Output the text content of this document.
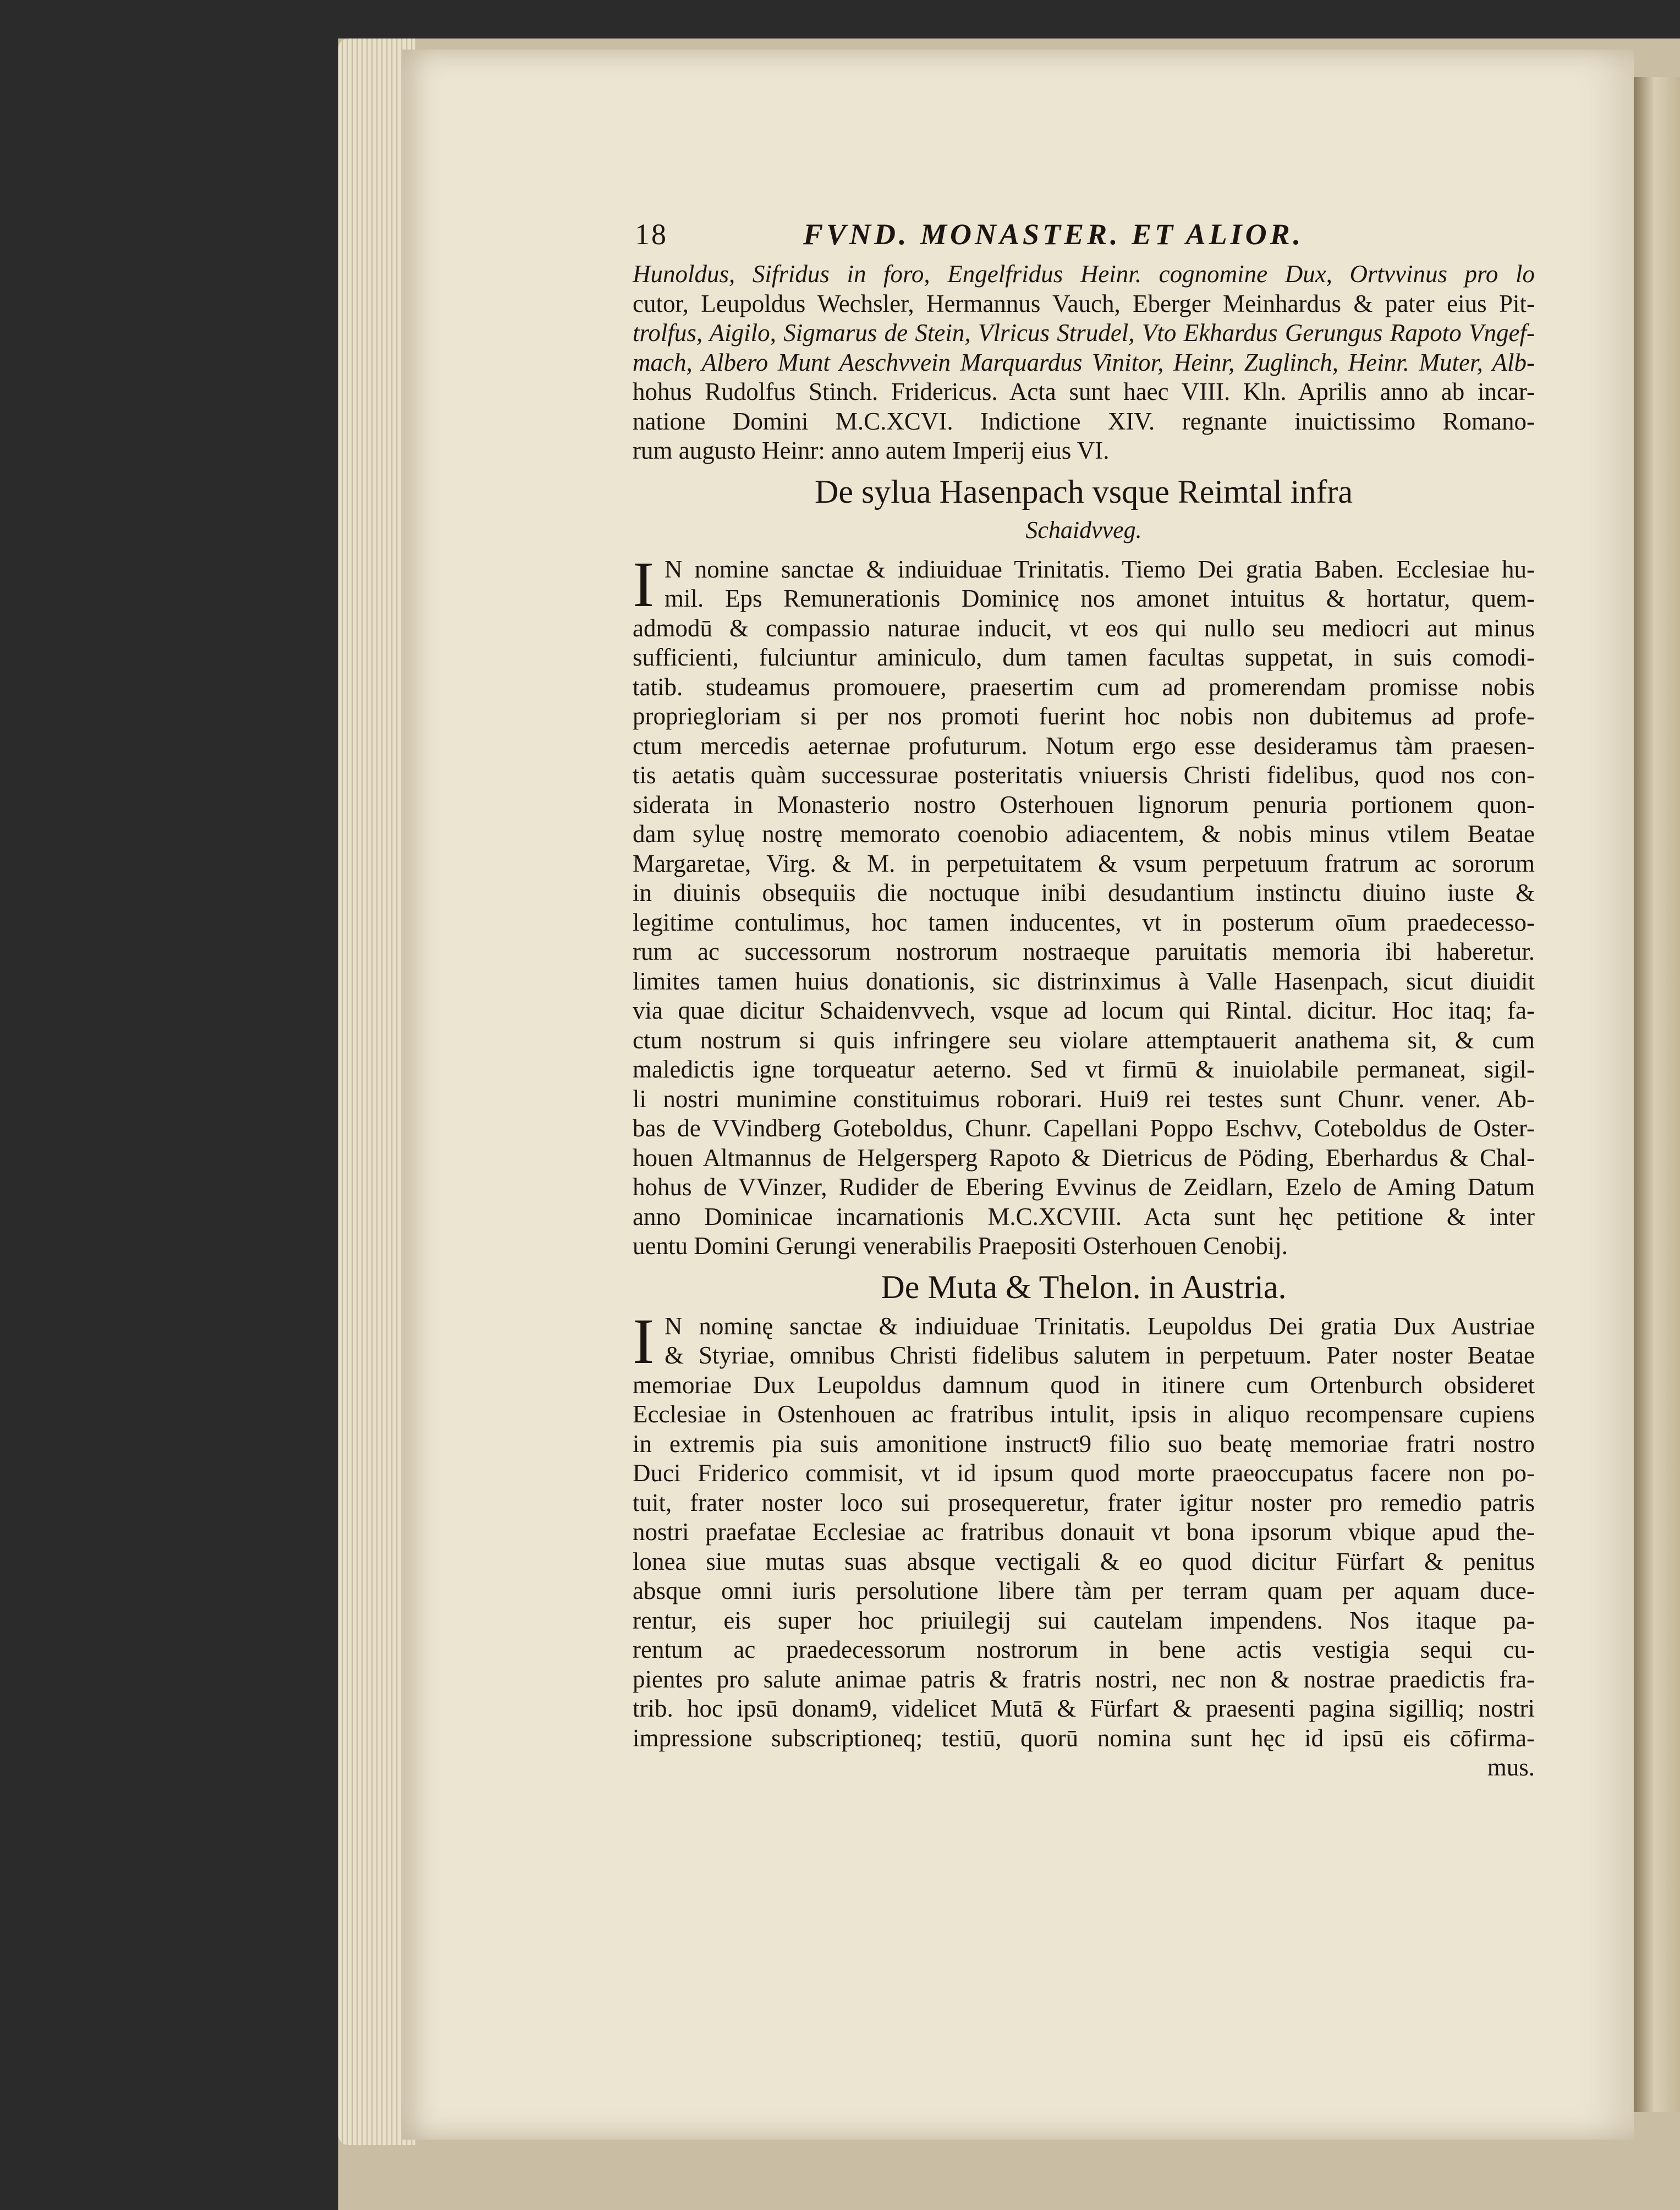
18	FVND. MONASTER. ET ALIOR.
Hunoldus, Sifridus in foro, Engelfridus Heinr. cognomine Dux, Ortvvinus pro lo
cutor, Leupoldus Wechsler, Hermannus Vauch, Eberger Meinhardus & pater eius Pit-
trolfus, Aigilo, Sigmarus de Stein, Vlricus Strudel, Vto Ekhardus Gerungus Rapoto Vngef-
mach, Albero Munt Aeschvvein Marquardus Vinitor, Heinr, Zuglinch, Heinr. Muter, Alb-
hohus Rudolfus Stinch. Fridericus. Acta sunt haec VIII. Kln. Aprilis anno ab incar-
natione Domini M.C.XCVI. Indictione XIV. regnante inuictissimo Romano-
rum augusto Heinr: anno autem Imperij eius VI.
De sylua Hasenpach vsque Reimtal infra
Schaidvveg.
I N nomine sanctae & indiuiduae Trinitatis. Tiemo Dei gratia Baben. Ecclesiae hu-
mil. Eps Remunerationis Dominicę nos amonet intuitus & hortatur, quem-
admodū & compassio naturae inducit, vt eos qui nullo seu mediocri aut minus
sufficienti, fulciuntur aminiculo, dum tamen facultas suppetat, in suis comodi-
tatib. studeamus promouere, praesertim cum ad promerendam promisse nobis
propriegloriam si per nos promoti fuerint hoc nobis non dubitemus ad profe-
ctum mercedis aeternae profuturum. Notum ergo esse desideramus tàm praesen-
tis aetatis quàm successurae posteritatis vniuersis Christi fidelibus, quod nos con-
siderata in Monasterio nostro Osterhouen lignorum penuria portionem quon-
dam syluę nostrę memorato coenobio adiacentem, & nobis minus vtilem Beatae
Margaretae, Virg. & M. in perpetuitatem & vsum perpetuum fratrum ac sororum
in diuinis obsequiis die noctuque inibi desudantium instinctu diuino iuste &
legitime contulimus, hoc tamen inducentes, vt in posterum oīum praedecesso-
rum ac successorum nostrorum nostraeque paruitatis memoria ibi haberetur.
limites tamen huius donationis, sic distrinximus à Valle Hasenpach, sicut diuidit
via quae dicitur Schaidenvvech, vsque ad locum qui Rintal. dicitur. Hoc itaq; fa-
ctum nostrum si quis infringere seu violare attemptauerit anathema sit, & cum
maledictis igne torqueatur aeterno. Sed vt firmū & inuiolabile permaneat, sigil-
li nostri munimine constituimus roborari. Hui9 rei testes sunt Chunr. vener. Ab-
bas de VVindberg Goteboldus, Chunr. Capellani Poppo Eschvv, Coteboldus de Oster-
houen Altmannus de Helgersperg Rapoto & Dietricus de Pöding, Eberhardus & Chal-
hohus de VVinzer, Rudider de Ebering Evvinus de Zeidlarn, Ezelo de Aming Datum
anno Dominicae incarnationis M.C.XCVIII. Acta sunt hęc petitione & inter
uentu Domini Gerungi venerabilis Praepositi Osterhouen Cenobij.
De Muta & Thelon. in Austria.
I N nominę sanctae & indiuiduae Trinitatis. Leupoldus Dei gratia Dux Austriae
& Styriae, omnibus Christi fidelibus salutem in perpetuum. Pater noster Beatae
memoriae Dux Leupoldus damnum quod in itinere cum Ortenburch obsideret
Ecclesiae in Ostenhouen ac fratribus intulit, ipsis in aliquo recompensare cupiens
in extremis pia suis amonitione instruct9 filio suo beatę memoriae fratri nostro
Duci Friderico commisit, vt id ipsum quod morte praeoccupatus facere non po-
tuit, frater noster loco sui prosequeretur, frater igitur noster pro remedio patris
nostri praefatae Ecclesiae ac fratribus donauit vt bona ipsorum vbique apud the-
lonea siue mutas suas absque vectigali & eo quod dicitur Fürfart & penitus
absque omni iuris persolutione libere tàm per terram quam per aquam duce-
rentur, eis super hoc priuilegij sui cautelam impendens. Nos itaque pa-
rentum ac praedecessorum nostrorum in bene actis vestigia sequi cu-
pientes pro salute animae patris & fratris nostri, nec non & nostrae praedictis fra-
trib. hoc ipsū donam9, videlicet Mutā & Fürfart & praesenti pagina sigilliq; nostri
impressione subscriptioneq; testiū, quorū nomina sunt hęc id ipsū eis cōfirma-
mus.
